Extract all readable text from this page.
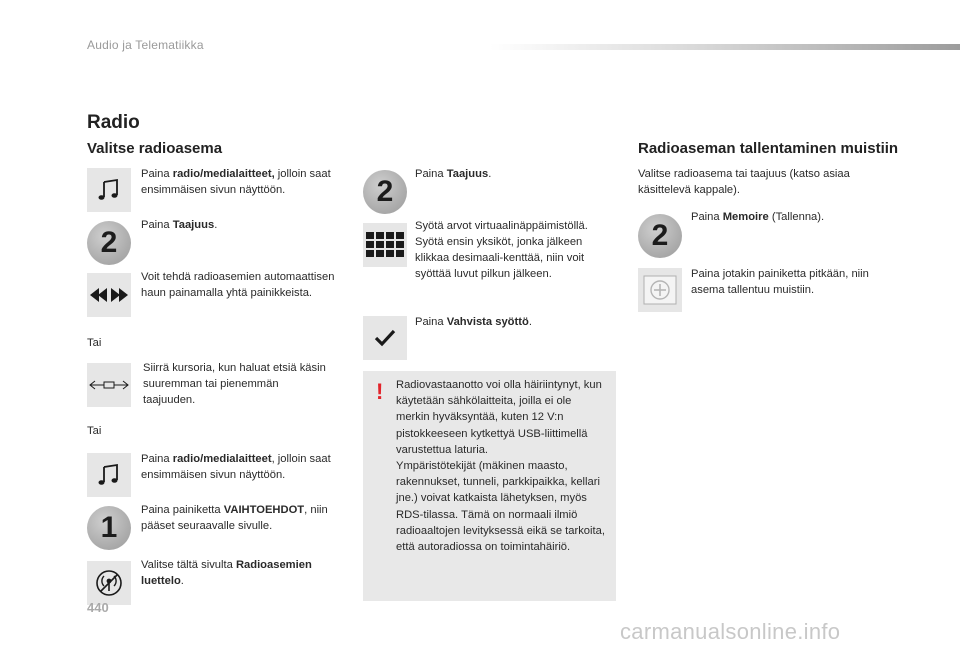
Audio ja Telematiikka
Radio
Valitse radioasema
Paina radio/medialaitteet, jolloin saat ensimmäisen sivun näyttöön.
2
Paina Taajuus.
Voit tehdä radioasemien automaattisen haun painamalla yhtä painikkeista.
Tai
Siirrä kursoria, kun haluat etsiä käsin suuremman tai pienemmän taajuuden.
Tai
Paina radio/medialaitteet, jolloin saat ensimmäisen sivun näyttöön.
1
Paina painiketta VAIHTOEHDOT, niin pääset seuraavalle sivulle.
Valitse tältä sivulta Radioasemien luettelo.
2
Paina Taajuus.
Syötä arvot virtuaalinäppäimistöllä. Syötä ensin yksiköt, jonka jälkeen klikkaa desimaali-kenttää, niin voit syöttää luvut pilkun jälkeen.
Paina Vahvista syöttö.
! Radiovastaanotto voi olla häiriintynyt, kun käytetään sähkölaitteita, joilla ei ole merkin hyväksyntää, kuten 12 V:n pistokkeeseen kytkettyä USB-liittimellä varustettua laturia.
Ympäristötekijät (mäkinen maasto, rakennukset, tunneli, parkkipaikka, kellari jne.) voivat katkaista lähetyksen, myös RDS-tilassa. Tämä on normaali ilmiö radioaaltojen levityksessä eikä se tarkoita, että autoradiossa on toimintahäiriö.
Radioaseman tallentaminen muistiin
Valitse radioasema tai taajuus (katso asiaa käsittelevä kappale).
2
Paina Memoire (Tallenna).
Paina jotakin painiketta pitkään, niin asema tallentuu muistiin.
440
carmanualsonline.info
